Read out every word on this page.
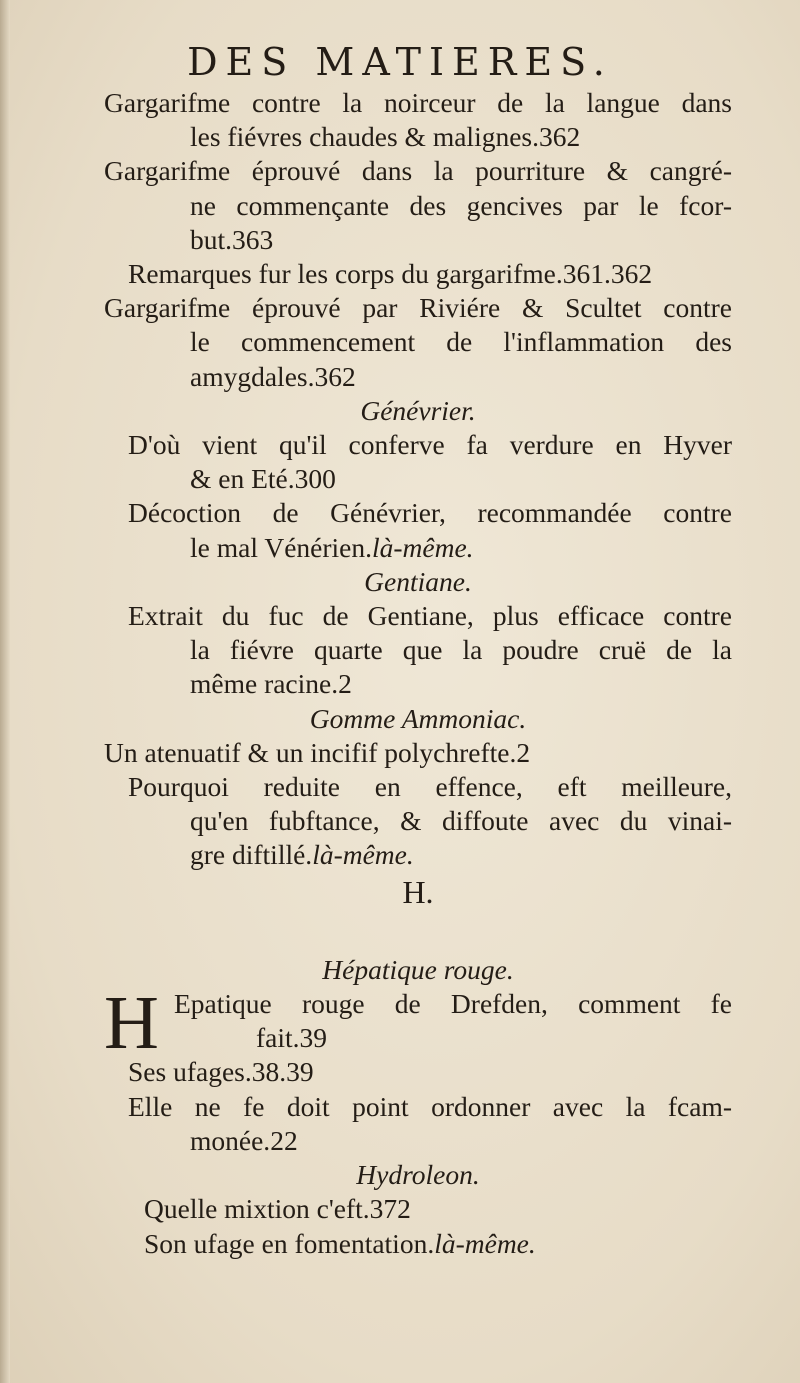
DES MATIERES.
Gargarifme contre la noirceur de la langue dans
les fiévres chaudes & malignes.362
Gargarifme éprouvé dans la pourriture & cangré-
ne commençante des gencives par le fcor-
but.363
Remarques fur les corps du gargarifme.361.362
Gargarifme éprouvé par Riviére & Scultet contre
le commencement de l'inflammation des
amygdales.362
Génévrier.
D'où vient qu'il conferve fa verdure en Hyver
& en Eté.300
Décoction de Génévrier, recommandée contre
le mal Vénérien.là-même.
Gentiane.
Extrait du fuc de Gentiane, plus efficace contre
la fiévre quarte que la poudre cruë de la
même racine.2
Gomme Ammoniac.
Un atenuatif & un incifif polychrefte.2
Pourquoi reduite en effence, eft meilleure,
qu'en fubftance, & diffoute avec du vinai-
gre diftillé.là-même.
H.
Hépatique rouge.
H Epatique rouge de Drefden, comment fe
fait.39
Ses ufages.38.39
Elle ne fe doit point ordonner avec la fcam-
monée.22
Hydroleon.
Quelle mixtion c'eft.372
Son ufage en fomentation.là-même.
